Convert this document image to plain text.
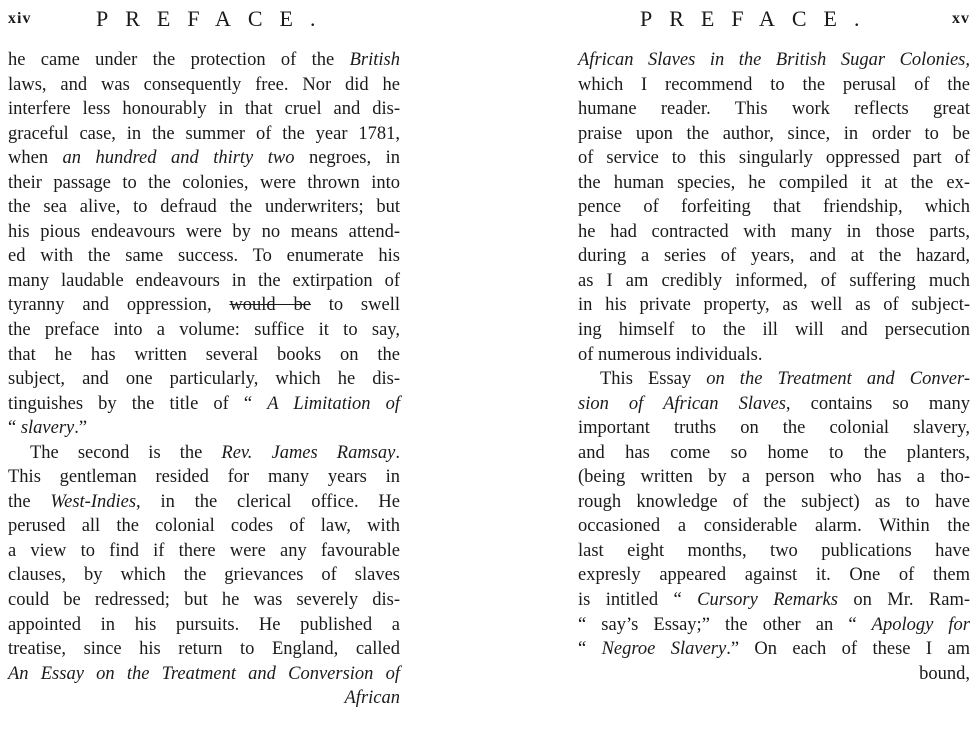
xiv	PREFACE.
he came under the protection of the British
laws, and was consequently free. Nor did he
interfere less honourably in that cruel and dis-
graceful case, in the summer of the year 1781,
when an hundred and thirty two negroes, in
their passage to the colonies, were thrown into
the sea alive, to defraud the underwriters; but
his pious endeavours were by no means attend-
ed with the same success. To enumerate his
many laudable endeavours in the extirpation of
tyranny and oppression, would be to swell
the preface into a volume: suffice it to say,
that he has written several books on the
subject, and one particularly, which he dis-
tinguishes by the title of “ A Limitation of
“ slavery.”
The second is the Rev. James Ramsay.
This gentleman resided for many years in
the West-Indies, in the clerical office. He
perused all the colonial codes of law, with
a view to find if there were any favourable
clauses, by which the grievances of slaves
could be redressed; but he was severely dis-
appointed in his pursuits. He published a
treatise, since his return to England, called
An Essay on the Treatment and Conversion of
African
PREFACE.	xv
African Slaves in the British Sugar Colonies,
which I recommend to the perusal of the
humane reader. This work reflects great
praise upon the author, since, in order to be
of service to this singularly oppressed part of
the human species, he compiled it at the ex-
pence of forfeiting that friendship, which
he had contracted with many in those parts,
during a series of years, and at the hazard,
as I am credibly informed, of suffering much
in his private property, as well as of subject-
ing himself to the ill will and persecution
of numerous individuals.
This Essay on the Treatment and Conver-
sion of African Slaves, contains so many
important truths on the colonial slavery,
and has come so home to the planters,
(being written by a person who has a tho-
rough knowledge of the subject) as to have
occasioned a considerable alarm. Within the
last eight months, two publications have
expresly appeared against it. One of them
is intitled “ Cursory Remarks on Mr. Ram-
“ say’s Essay;” the other an “ Apology for
“ Negroe Slavery.” On each of these I am
bound,
